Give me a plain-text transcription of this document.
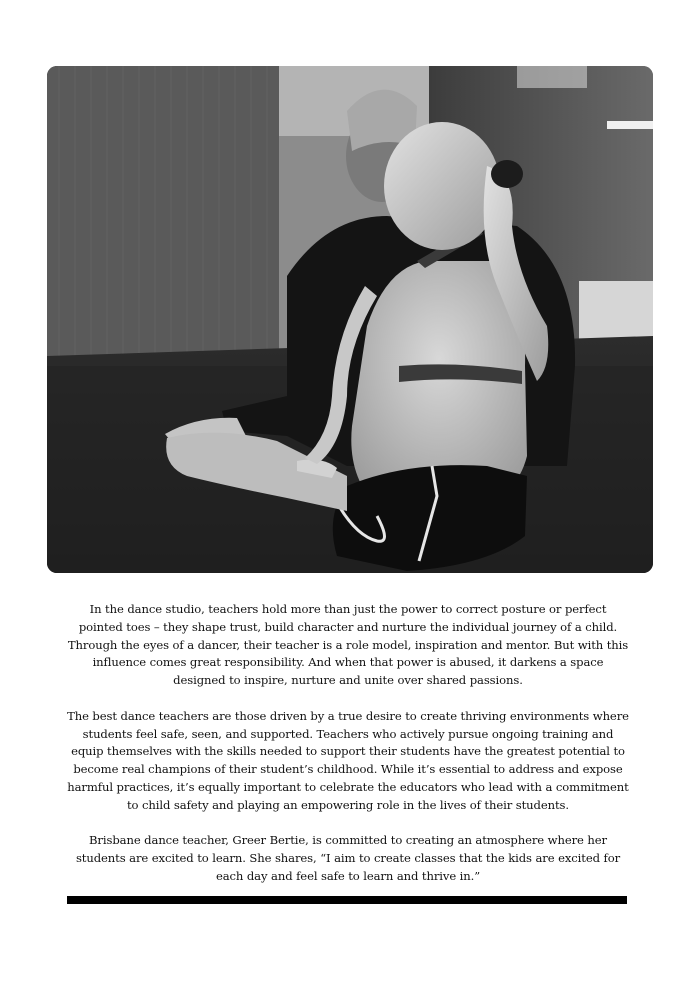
In the dance studio, teachers hold more than just the power to correct posture or perfect pointed toes – they shape trust, build character and nurture the individual journey of a child. Through the eyes of a dancer, their teacher is a role model, inspiration and mentor. But with this influence comes great responsibility. And when that power is abused, it darkens a space designed to inspire, nurture and unite over shared passions.

The best dance teachers are those driven by a true desire to create thriving environments where students feel safe, seen, and supported. Teachers who actively pursue ongoing training and equip themselves with the skills needed to support their students have the greatest potential to become real champions of their student’s childhood. While it’s essential to address and expose harmful practices, it’s equally important to celebrate the educators who lead with a commitment to child safety and playing an empowering role in the lives of their students.

Brisbane dance teacher, Greer Bertie, is committed to creating an atmosphere where her students are excited to learn. She shares, “I aim to create classes that the kids are excited for each day and feel safe to learn and thrive in.”
